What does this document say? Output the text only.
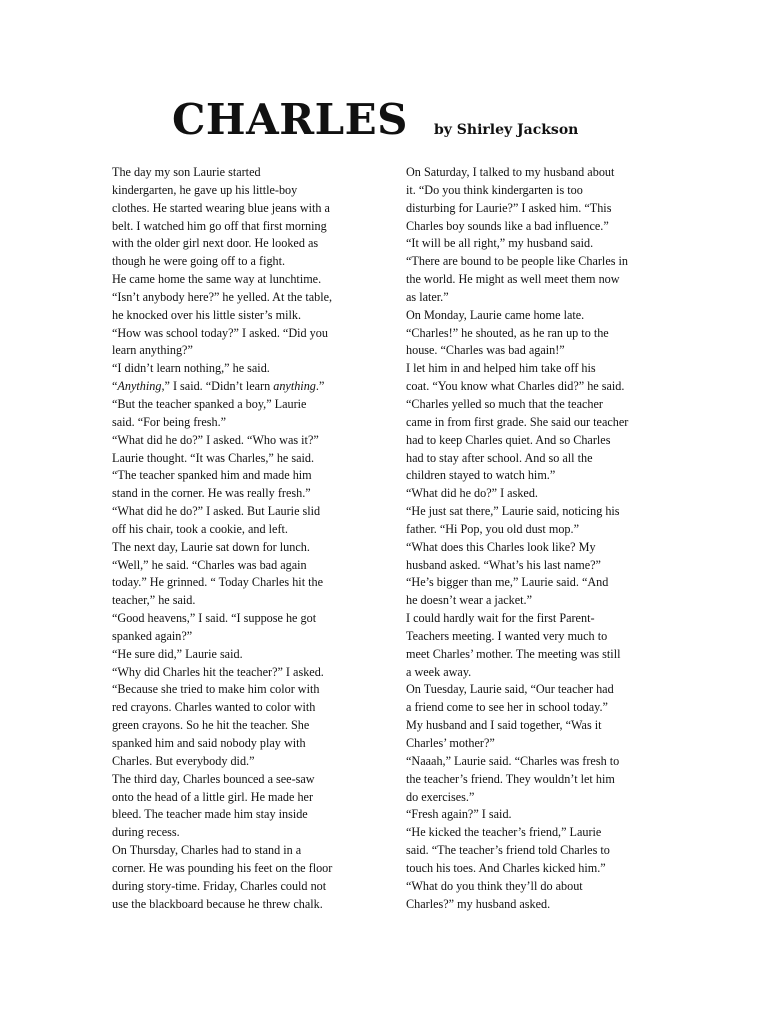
CHARLES by Shirley Jackson
The day my son Laurie started
kindergarten, he gave up his little-boy
clothes. He started wearing blue jeans with a
belt. I watched him go off that first morning
with the older girl next door. He looked as
though he were going off to a fight.
He came home the same way at lunchtime.
“Isn’t anybody here?” he yelled. At the table,
he knocked over his little sister’s milk.
“How was school today?” I asked. “Did you
learn anything?”
“I didn’t learn nothing,” he said.
“Anything,” I said. “Didn’t learn anything.”
“But the teacher spanked a boy,” Laurie
said. “For being fresh.”
“What did he do?” I asked. “Who was it?”
Laurie thought. “It was Charles,” he said.
“The teacher spanked him and made him
stand in the corner. He was really fresh.”
“What did he do?” I asked. But Laurie slid
off his chair, took a cookie, and left.
The next day, Laurie sat down for lunch.
“Well,” he said. “Charles was bad again
today.” He grinned. “ Today Charles hit the
teacher,” he said.
“Good heavens,” I said. “I suppose he got
spanked again?”
“He sure did,” Laurie said.
“Why did Charles hit the teacher?” I asked.
“Because she tried to make him color with
red crayons. Charles wanted to color with
green crayons. So he hit the teacher. She
spanked him and said nobody play with
Charles. But everybody did.”
The third day, Charles bounced a see-saw
onto the head of a little girl. He made her
bleed. The teacher made him stay inside
during recess.
On Thursday, Charles had to stand in a
corner. He was pounding his feet on the floor
during story-time. Friday, Charles could not
use the blackboard because he threw chalk.
On Saturday, I talked to my husband about
it. “Do you think kindergarten is too
disturbing for Laurie?” I asked him. “This
Charles boy sounds like a bad influence.”
“It will be all right,” my husband said.
“There are bound to be people like Charles in
the world. He might as well meet them now
as later.”
On Monday, Laurie came home late.
“Charles!” he shouted, as he ran up to the
house. “Charles was bad again!”
I let him in and helped him take off his
coat. “You know what Charles did?” he said.
“Charles yelled so much that the teacher
came in from first grade. She said our teacher
had to keep Charles quiet. And so Charles
had to stay after school. And so all the
children stayed to watch him.”
“What did he do?” I asked.
“He just sat there,” Laurie said, noticing his
father. “Hi Pop, you old dust mop.”
“What does this Charles look like? My
husband asked. “What’s his last name?”
“He’s bigger than me,” Laurie said. “And
he doesn’t wear a jacket.”
I could hardly wait for the first Parent-
Teachers meeting. I wanted very much to
meet Charles’ mother. The meeting was still
a week away.
On Tuesday, Laurie said, “Our teacher had
a friend come to see her in school today.”
My husband and I said together, “Was it
Charles’ mother?”
“Naaah,” Laurie said. “Charles was fresh to
the teacher’s friend. They wouldn’t let him
do exercises.”
“Fresh again?” I said.
“He kicked the teacher’s friend,” Laurie
said. “The teacher’s friend told Charles to
touch his toes. And Charles kicked him.”
“What do you think they’ll do about
Charles?” my husband asked.
